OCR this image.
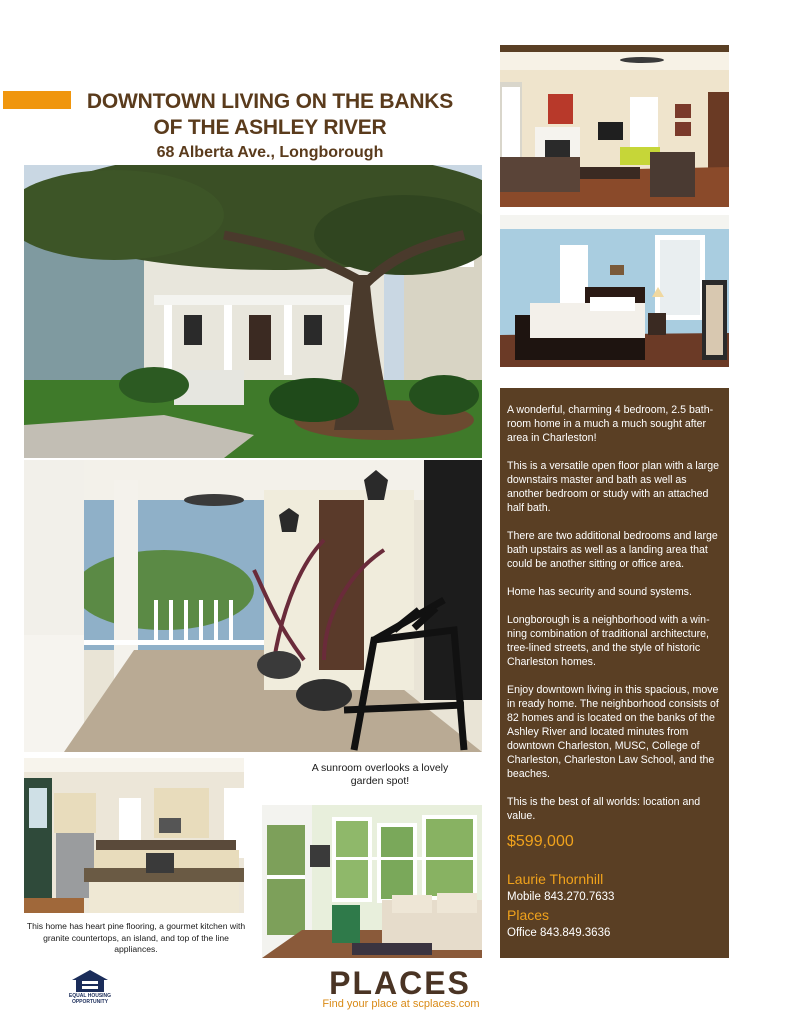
DOWNTOWN LIVING ON THE BANKS
OF THE ASHLEY RIVER
68 Alberta Ave., Longborough
A sunroom overlooks a lovely garden spot!
This home has heart pine flooring, a gourmet kitchen with granite countertops, an island, and top of the line appliances.

A wonderful, charming 4 bedroom, 2.5 bath-room home in a much a much sought after area in Charleston!

This is a versatile open floor plan with a large downstairs master and bath as well as another bedroom or study with an attached half bath.

There are two additional bedrooms and large bath upstairs as well as a landing area that could be another sitting or office area.

Home has security and sound systems.

Longborough is a neighborhood with a win-ning combination of traditional architecture, tree-lined streets, and the style of historic Charleston homes.

Enjoy downtown living in this spacious, move in ready home. The neighborhood consists of 82 homes and is located on the banks of the Ashley River and located minutes from downtown Charleston, MUSC, College of Charleston, Charleston Law School, and the beaches.

This is the best of all worlds: location and value.

$599,000
Laurie Thornhill
Mobile 843.270.7633
Places
Office 843.849.3636
EQUAL HOUSING OPPORTUNITY
PLACES
Find your place at scplaces.com
